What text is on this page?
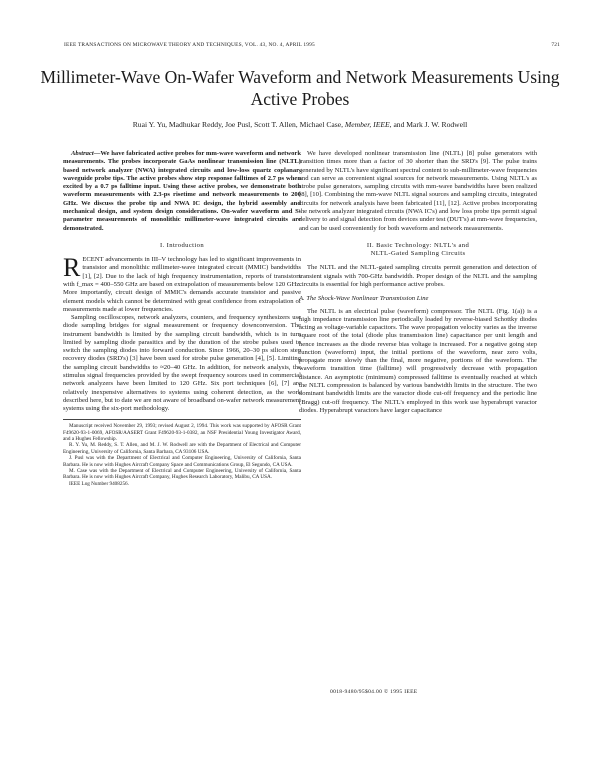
IEEE TRANSACTIONS ON MICROWAVE THEORY AND TECHNIQUES, VOL. 43, NO. 4, APRIL 1995	721
Millimeter-Wave On-Wafer Waveform and Network Measurements Using Active Probes
Ruai Y. Yu, Madhukar Reddy, Joe Pusl, Scott T. Allen, Michael Case, Member, IEEE, and Mark J. W. Rodwell

Abstract—We have fabricated active probes for mm-wave waveform and network measurements. The probes incorporate GaAs nonlinear transmission line (NLTL) based network analyzer (NWA) integrated circuits and low-loss quartz coplanar-waveguide probe tips. The active probes show step response falltimes of 2.7 ps when excited by a 0.7 ps falltime input. Using these active probes, we demonstrate both waveform measurements with 2.3-ps risetime and network measurements to 200 GHz. We discuss the probe tip and NWA IC design, the hybrid assembly and mechanical design, and system design considerations. On-wafer waveform and S-parameter measurements of monolithic millimeter-wave integrated circuits are demonstrated.

I. Introduction

RECENT advancements in III–V technology has led to significant improvements in transistor and monolithic millimeter-wave integrated circuit (MMIC) bandwidths [1], [2]. Due to the lack of high frequency instrumentation, reports of transistors with f_max = 400–550 GHz are based on extrapolation of measurements below 120 GHz. More importantly, circuit design of MMIC's demands accurate transistor and passive element models which cannot be determined with great confidence from extrapolation of measurements made at lower frequencies.

Sampling oscilloscopes, network analyzers, counters, and frequency synthesizers use diode sampling bridges for signal measurement or frequency downconversion. The instrument bandwidth is limited by the sampling circuit bandwidth, which is in turn limited by sampling diode parasitics and by the duration of the strobe pulses used to switch the sampling diodes into forward conduction. Since 1966, 20–30 ps silicon step recovery diodes (SRD's) [3] have been used for strobe pulse generation [4], [5]. Limiting the sampling circuit bandwidths to ≈20–40 GHz. In addition, for network analysis, the stimulus signal frequencies provided by the swept frequency sources used in commercial network analyzers have been limited to 120 GHz. Six port techniques [6], [7] are relatively inexpensive alternatives to systems using coherent detection, as the work described here, but to date we are not aware of broadband on-wafer network measurement systems using the six-port methodology.

Manuscript received November 29, 1993; revised August 2, 1994. This work was supported by AFOSR Grant F49620-93-1-0069, AFOSR/AASERT Grant F49620-93-1-0382, an NSF Presidential Young Investigator Award, and a Hughes Fellowship.

R. Y. Yu, M. Reddy, S. T. Allen, and M. J. W. Rodwell are with the Department of Electrical and Computer Engineering, University of California, Santa Barbara, CA 93106 USA.

J. Pusl was with the Department of Electrical and Computer Engineering, University of California, Santa Barbara. He is now with Hughes Aircraft Company Space and Communications Group, El Segundo, CA USA.

M. Case was with the Department of Electrical and Computer Engineering, University of California, Santa Barbara. He is now with Hughes Aircraft Company, Hughes Research Laboratory, Malibu, CA USA.

IEEE Log Number 9408256.

We have developed nonlinear transmission line (NLTL) [8] pulse generators with transition times more than a factor of 30 shorter than the SRD's [9]. The pulse trains generated by NLTL's have significant spectral content to sub-millimeter-wave frequencies and can serve as convenient signal sources for network measurements. Using NLTL's as strobe pulse generators, sampling circuits with mm-wave bandwidths have been realized [8], [10]. Combining the mm-wave NLTL signal sources and sampling circuits, integrated circuits for network analysis have been fabricated [11], [12]. Active probes incorporating the network analyzer integrated circuits (NWA IC's) and low loss probe tips permit signal delivery to and signal detection from devices under test (DUT's) at mm-wave frequencies, and can be used conveniently for both waveform and network measurements.

II. Basic Technology: NLTL's and
NLTL-Gated Sampling Circuits

The NLTL and the NLTL-gated sampling circuits permit generation and detection of transient signals with 700-GHz bandwidth. Proper design of the NLTL and the sampling circuits is essential for high performance active probes.

A. The Shock-Wave Nonlinear Transmission Line

The NLTL is an electrical pulse (waveform) compressor. The NLTL (Fig. 1(a)) is a high impedance transmission line periodically loaded by reverse-biased Schottky diodes acting as voltage-variable capacitors. The wave propagation velocity varies as the inverse square root of the total (diode plus transmission line) capacitance per unit length and hence increases as the diode reverse bias voltage is increased. For a negative going step function (waveform) input, the initial portions of the waveform, near zero volts, propagate more slowly than the final, more negative, portions of the waveform. The waveform transition time (falltime) will progressively decrease with propagation distance. An asymptotic (minimum) compressed falltime is eventually reached at which the NLTL compression is balanced by various bandwidth limits in the structure. The two dominant bandwidth limits are the varactor diode cut-off frequency and the periodic line (Bragg) cut-off frequency. The NLTL's employed in this work use hyperabrupt varactor diodes. Hyperabrupt varactors have larger capacitance

0018-9480/95$04.00 © 1995 IEEE
